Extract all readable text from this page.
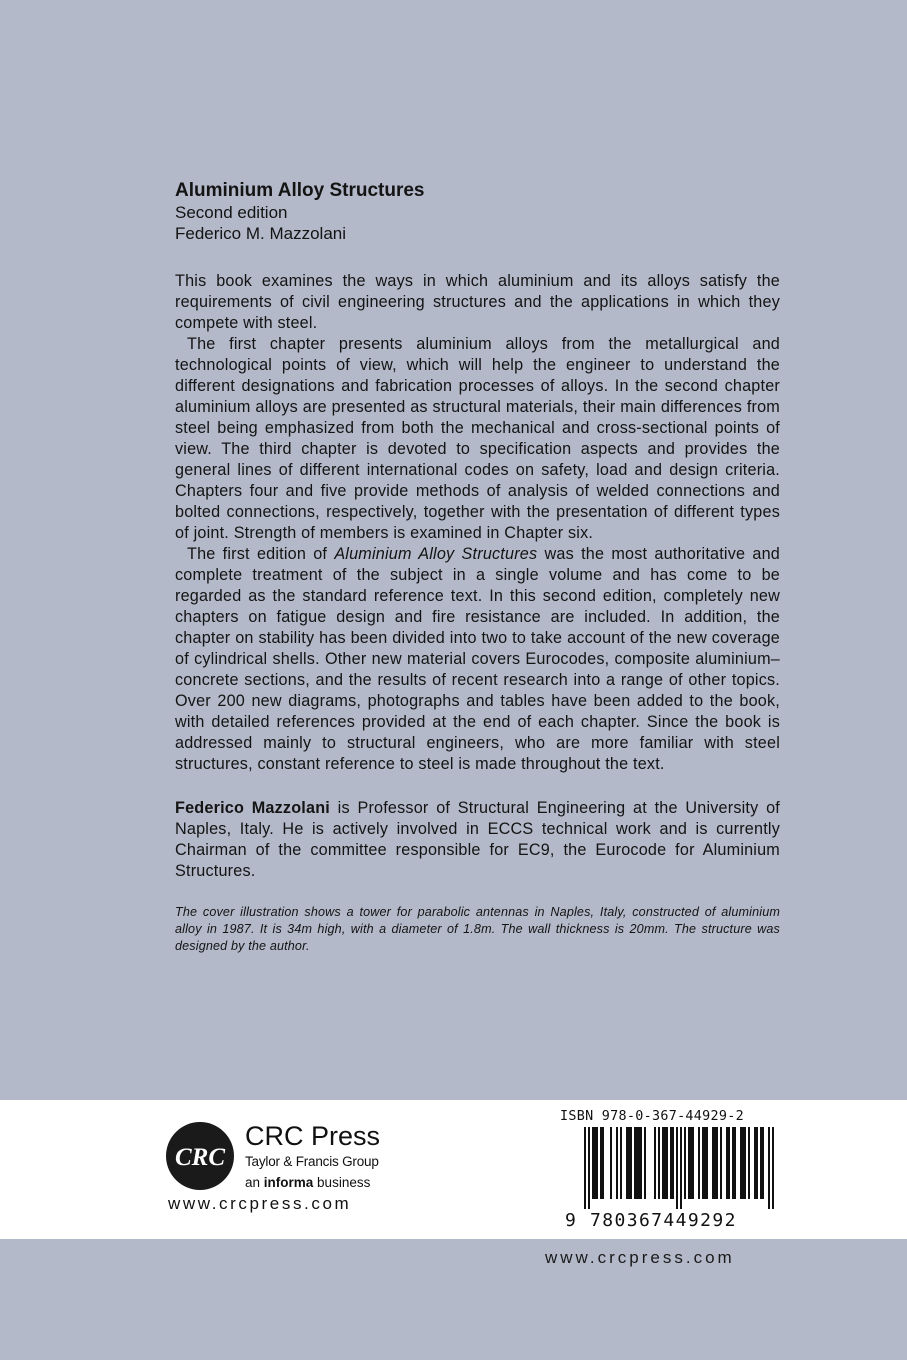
Aluminium Alloy Structures
Second edition
Federico M. Mazzolani

This book examines the ways in which aluminium and its alloys satisfy the requirements of civil engineering structures and the applications in which they compete with steel.

The first chapter presents aluminium alloys from the metallurgical and technological points of view, which will help the engineer to understand the different designations and fabrication processes of alloys. In the second chapter aluminium alloys are presented as structural materials, their main differences from steel being emphasized from both the mechanical and cross-sectional points of view. The third chapter is devoted to specification aspects and provides the general lines of different international codes on safety, load and design criteria. Chapters four and five provide methods of analysis of welded connections and bolted connections, respectively, together with the presentation of different types of joint. Strength of members is examined in Chapter six.

The first edition of Aluminium Alloy Structures was the most authoritative and complete treatment of the subject in a single volume and has come to be regarded as the standard reference text. In this second edition, completely new chapters on fatigue design and fire resistance are included. In addition, the chapter on stability has been divided into two to take account of the new coverage of cylindrical shells. Other new material covers Eurocodes, composite aluminium–concrete sections, and the results of recent research into a range of other topics. Over 200 new diagrams, photographs and tables have been added to the book, with detailed references provided at the end of each chapter. Since the book is addressed mainly to structural engineers, who are more familiar with steel structures, constant reference to steel is made throughout the text.

Federico Mazzolani is Professor of Structural Engineering at the University of Naples, Italy. He is actively involved in ECCS technical work and is currently Chairman of the committee responsible for EC9, the Eurocode for Aluminium Structures.

The cover illustration shows a tower for parabolic antennas in Naples, Italy, constructed of aluminium alloy in 1987. It is 34m high, with a diameter of 1.8m. The wall thickness is 20mm. The structure was designed by the author.

CRC
CRC Press
Taylor & Francis Group
an informa business
www.crcpress.com
ISBN 978-0-367-44929-2
9 780367449292
www.crcpress.com
